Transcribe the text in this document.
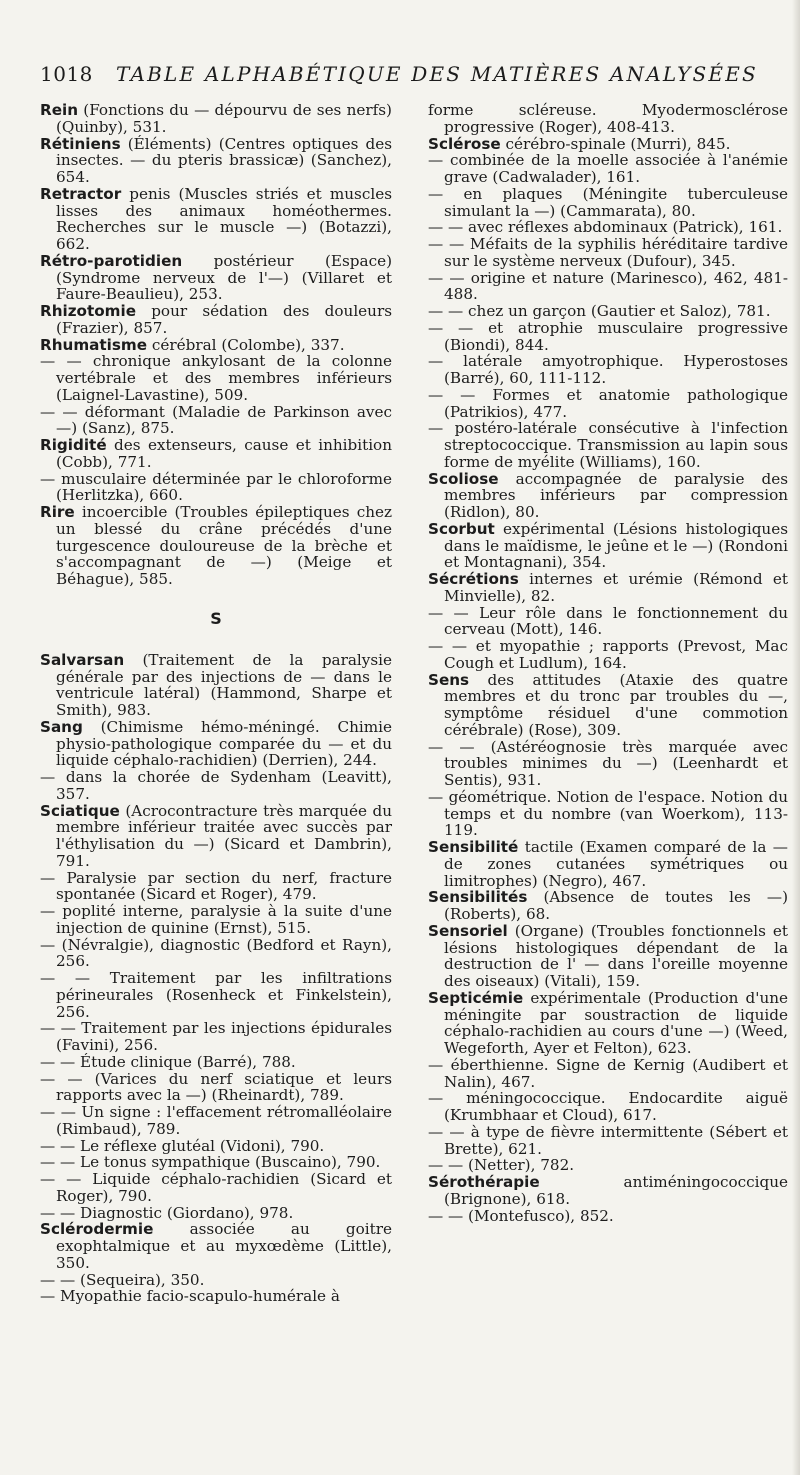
1018 TABLE ALPHABÉTIQUE DES MATIÈRES ANALYSÉES

Rein (Fonctions du — dépourvu de ses nerfs) (Quinby), 531.

Rétiniens (Éléments) (Centres optiques des insectes. — du pteris brassicæ) (Sanchez), 654.

Retractor penis (Muscles striés et muscles lisses des animaux homéothermes. Recherches sur le muscle —) (Botazzi), 662.

Rétro-parotidien postérieur (Espace) (Syndrome nerveux de l'—) (Villaret et Faure-Beaulieu), 253.

Rhizotomie pour sédation des douleurs (Frazier), 857.

Rhumatisme cérébral (Colombe), 337.

— — chronique ankylosant de la colonne vertébrale et des membres inférieurs (Laignel-Lavastine), 509.

— — déformant (Maladie de Parkinson avec —) (Sanz), 875.

Rigidité des extenseurs, cause et inhibition (Cobb), 771.

— musculaire déterminée par le chloroforme (Herlitzka), 660.

Rire incoercible (Troubles épileptiques chez un blessé du crâne précédés d'une turgescence douloureuse de la brèche et s'accompagnant de —) (Meige et Béhague), 585.

S

Salvarsan (Traitement de la paralysie générale par des injections de — dans le ventricule latéral) (Hammond, Sharpe et Smith), 983.

Sang (Chimisme hémo-méningé. Chimie physio-pathologique comparée du — et du liquide céphalo-rachidien) (Derrien), 244.

— dans la chorée de Sydenham (Leavitt), 357.

Sciatique (Acrocontracture très marquée du membre inférieur traitée avec succès par l'éthylisation du —) (Sicard et Dambrin), 791.

— Paralysie par section du nerf, fracture spontanée (Sicard et Roger), 479.

— poplité interne, paralysie à la suite d'une injection de quinine (Ernst), 515.

— (Névralgie), diagnostic (Bedford et Rayn), 256.

— — Traitement par les infiltrations périneurales (Rosenheck et Finkelstein), 256.

— — Traitement par les injections épidurales (Favini), 256.

— — Étude clinique (Barré), 788.

— — (Varices du nerf sciatique et leurs rapports avec la —) (Rheinardt), 789.

— — Un signe : l'effacement rétromalléolaire (Rimbaud), 789.

— — Le réflexe glutéal (Vidoni), 790.

— — Le tonus sympathique (Buscaino), 790.

— — Liquide céphalo-rachidien (Sicard et Roger), 790.

— — Diagnostic (Giordano), 978.

Sclérodermie associée au goitre exophtalmique et au myxœdème (Little), 350.

— — (Sequeira), 350.

— Myopathie facio-scapulo-humérale à

forme scléreuse. Myodermosclérose progressive (Roger), 408-413.

Sclérose cérébro-spinale (Murri), 845.

— combinée de la moelle associée à l'anémie grave (Cadwalader), 161.

— en plaques (Méningite tuberculeuse simulant la —) (Cammarata), 80.

— — avec réflexes abdominaux (Patrick), 161.

— — Méfaits de la syphilis héréditaire tardive sur le système nerveux (Dufour), 345.

— — origine et nature (Marinesco), 462, 481-488.

— — chez un garçon (Gautier et Saloz), 781.

— — et atrophie musculaire progressive (Biondi), 844.

— latérale amyotrophique. Hyperostoses (Barré), 60, 111-112.

— — Formes et anatomie pathologique (Patrikios), 477.

— postéro-latérale consécutive à l'infection streptococcique. Transmission au lapin sous forme de myélite (Williams), 160.

Scoliose accompagnée de paralysie des membres inférieurs par compression (Ridlon), 80.

Scorbut expérimental (Lésions histologiques dans le maïdisme, le jeûne et le —) (Rondoni et Montagnani), 354.

Sécrétions internes et urémie (Rémond et Minvielle), 82.

— — Leur rôle dans le fonctionnement du cerveau (Mott), 146.

— — et myopathie ; rapports (Prevost, Mac Cough et Ludlum), 164.

Sens des attitudes (Ataxie des quatre membres et du tronc par troubles du —, symptôme résiduel d'une commotion cérébrale) (Rose), 309.

— — (Astéréognosie très marquée avec troubles minimes du —) (Leenhardt et Sentis), 931.

— géométrique. Notion de l'espace. Notion du temps et du nombre (van Woerkom), 113-119.

Sensibilité tactile (Examen comparé de la — de zones cutanées symétriques ou limitrophes) (Negro), 467.

Sensibilités (Absence de toutes les —) (Roberts), 68.

Sensoriel (Organe) (Troubles fonctionnels et lésions histologiques dépendant de la destruction de l' — dans l'oreille moyenne des oiseaux) (Vitali), 159.

Septicémie expérimentale (Production d'une méningite par soustraction de liquide céphalo-rachidien au cours d'une —) (Weed, Wegeforth, Ayer et Felton), 623.

— éberthienne. Signe de Kernig (Audibert et Nalin), 467.

— méningococcique. Endocardite aiguë (Krumbhaar et Cloud), 617.

— — à type de fièvre intermittente (Sébert et Brette), 621.

— — (Netter), 782.

Sérothérapie antiméningococcique (Brignone), 618.

— — (Montefusco), 852.
